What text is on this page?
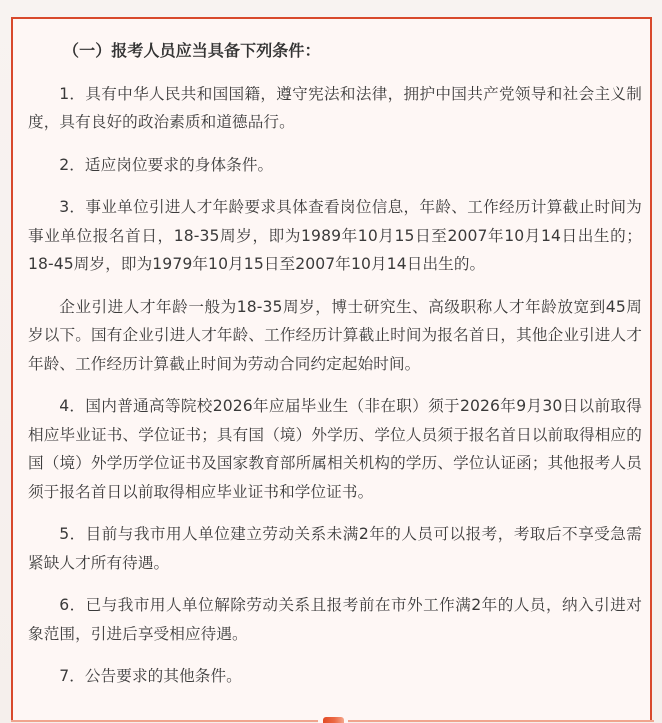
（一）报考人员应当具备下列条件：

1．具有中华人民共和国国籍，遵守宪法和法律，拥护中国共产党领导和社会主义制度，具有良好的政治素质和道德品行。

2．适应岗位要求的身体条件。

3．事业单位引进人才年龄要求具体查看岗位信息，年龄、工作经历计算截止时间为事业单位报名首日，18-35周岁，即为1989年10月15日至2007年10月14日出生的；18-45周岁，即为1979年10月15日至2007年10月14日出生的。

企业引进人才年龄一般为18-35周岁，博士研究生、高级职称人才年龄放宽到45周岁以下。国有企业引进人才年龄、工作经历计算截止时间为报名首日，其他企业引进人才年龄、工作经历计算截止时间为劳动合同约定起始时间。

4．国内普通高等院校2026年应届毕业生（非在职）须于2026年9月30日以前取得相应毕业证书、学位证书；具有国（境）外学历、学位人员须于报名首日以前取得相应的国（境）外学历学位证书及国家教育部所属相关机构的学历、学位认证函；其他报考人员须于报名首日以前取得相应毕业证书和学位证书。

5．目前与我市用人单位建立劳动关系未满2年的人员可以报考，考取后不享受急需紧缺人才所有待遇。

6．已与我市用人单位解除劳动关系且报考前在市外工作满2年的人员，纳入引进对象范围，引进后享受相应待遇。

7．公告要求的其他条件。
